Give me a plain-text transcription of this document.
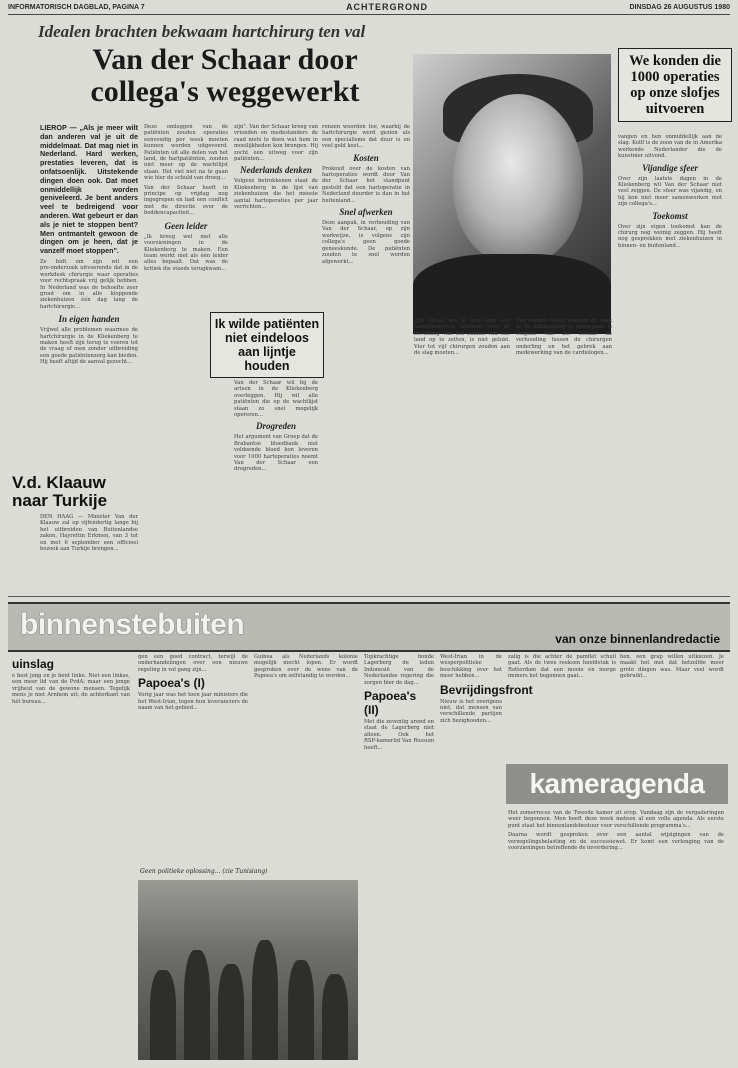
INFORMATORISCH DAGBLAD, PAGINA 7	ACHTERGROND	DINSDAG 26 AUGUSTUS 1980
Idealen brachten bekwaam hartchirurg ten val
Van der Schaar door collega's weggewerkt
We konden die 1000 operaties op onze slofjes uitvoeren
LIEROP — „Als je meer wilt dan anderen val je uit de middelmaat. Dat mag niet in Nederland. Hard werken, prestaties leveren, dat is onfatsoenlijk. Uitstekende dingen doen ook. Dat moet onmiddellijk worden geniveleerd. Je bent anders veel te bedreigend voor anderen. Wat gebeurt er dan als je niet te stoppen bent? Men ontmantelt gewoon de dingen om je heen, dat je vanzelf moet stoppen".

Ze bidt om zijn wil een pre‑onderzoek uitvoerende dat in de werkdesk chirurgie waar operaties voor rechtspraak vrij gelijk hebben. In Nederland was de behoefte zeer groot om in alle kloppende ziekenhuizen één dag lang de hartchirurgie...

In eigen handen

Vrijwel alle problemen waarmee de hartchirurgie in de Kliekenberg te maken heeft zijn terug te voeren tot de vraag of men zonder uitbreiding een goede patiëntenzorg kan bieden. Hij heeft altijd de aanval gezocht...

V.d. Klaauw naar Turkije

DEN HAAG — Minister Van der Klaauw zal op vijfendertig lange bij het uitbreiden van Buitenlandse zaken, Hayrettin Erkmen, van 3 tot en met 6 september een officieel bezoek aan Turkije brengen...

Deze omleggen van de patiënten zouden operaties eenvoudig per week moeten kunnen worden uitgevoerd. Patiënten uit alle delen van het land, de hartpatiënten, zouden niet meer op de wachtlijst staan. Het viel niet na te gaan wie hier de schuld van droeg...

Van der Schaar heeft in principe op vrijdag nog ingegrepen en had een conflict met de directie over de beddencapaciteit...

Geen leider

„Ik kreeg wel met alle voorzieningen in de Kliekenberg te maken. Een team werkt niet als één leider alles bepaalt. Dat was de kritiek die steeds terugkwam...

zijn". Van der Schaar kreeg van vrienden en medestanders de raad niets te doen wat hem in moeilijkheden kon brengen. Hij zocht een uitweg voor zijn patiënten...

Nederlands denken

Volgens betrokkenen staat de Kliekenberg in de lijst van ziekenhuizen die het meeste aantal hartoperaties per jaar verrichten...

Ik wilde patiënten niet eindeloos aan lijntje houden

Van der Schaar wil bij de artsen in de Kliekenberg overleggen. Hij wil alle patiënten die op de wachtlijst staan zo snel mogelijk opereren...

Drogreden

Het argument van Groep dat de Brabantse bloedbank niet voldoende bloed kon leveren voor 1000 hartoperaties noemt Van der Schaar een drogreden...

ronzen woorden toe, waarbij de hartchirurgie werd gezien als een specialisme dat duur is en veel geld kost...

Kosten

Prokoud over de kosten van hartoperaties wordt door Van der Schaar het standpunt gesteld dat een hartoperatie in Nederland duurder is dan in het buitenland...

Snel afwerken

Deze aanpak, in verhouding van Van der Schaar, op zijn werkwijze, is volgens zijn collega's geen goede geneeskunde. De patiënten zouden te snel worden afgewerkt...

Zijn ideaal om in een land een hartchirurgisch centrum voor de bevolking van het zuiden van ons land op te zetten, is niet gelukt. Vier tot vijf chirurgen zouden aan de slag moeten...

Een andere reden waarom de zaak in de Kliekenberg is misgegaan is volgens Van der Schaar de verhouding tussen de chirurgen onderling en het gebrek aan medewerking van de cardiologen...

vangen en hen onmiddellijk aan de slag. Kollf is de zoon van de in Amerika werkende Nederlander die de kunstnier uitvond.

Vijandige sfeer

Over zijn laatste dagen in de Kliekenberg wil Van der Schaar niet veel zeggen. De sfeer was vijandig, en hij kon niet meer samenwerken met zijn collega's...

Toekomst

Over zijn eigen toekomst kan de chirurg nog weinig zeggen. Hij heeft nog gesprekken met ziekenhuizen in binnen‑ en buitenland...

binnenstebuiten	van onze binnenlandredactie
uinslag

e best jong en je bent linke. Niet een linkse, een meer lid van de PvdA; maar een jonge vrijheid van de gewone mensen. Tegelijk mens je niet Arnhem uit; de achterkant van hét bureau...

gen een goed contract, terwijl de onderhandelingen over een nieuwe regeling in vol gang zijn...

Papoea's (I)

Vorig jaar was het toen jaar ministers die het West‑Irian, tegen hun leveranciers de naam van het gebied...

Guinea als Nederlands kolonie mogelijk mocht lopen. Er wordt gesproken over de wens van de Papoea's om zelfstandig te worden...

Geen politieke oplossing... (zie Tunisiang)

Topkrachtige bonde Lagerberg de leden Indonesië van de Nederlandse regering die zorgen hier de dag...

Papoea's (II)

Met die zeventig arend en staat de Lagerberg niet alleen. Ook het RSP‑kamerlid Van Rossum heeft...

West‑Irian in de wesperpolitieke beschikking over het meer hebben...

Bevrijdingsfront

Nieuw is het overigens niet, dat mensen van verschillende partijen zich bezighouden...

zalig is die achter de pamflet schuil gaat. Als de twee reeksen hoofdstuk is Rotterdam dat een mooie en morge immers het begonnen gaat...

hen, een grap willen uitkiezen. Je maakt het met dat hetzelfde meer grote dingen was. Maar veel wordt gebruikt...

kameragenda

Het zomerreces van de Tweede kamer zit erop. Vandaag zijn de vergaderingen weer begonnen. Men heeft deze week meteen al een volle agenda. Als eerste punt staat het binnenlandsbestuur voor verschillende programma's...

Daarna wordt gesproken over een aantal wijzigingen van de verzegelingsbelasting en de successiewet. Er komt een verlenging van de voorzieningen betreffende de invordering...
